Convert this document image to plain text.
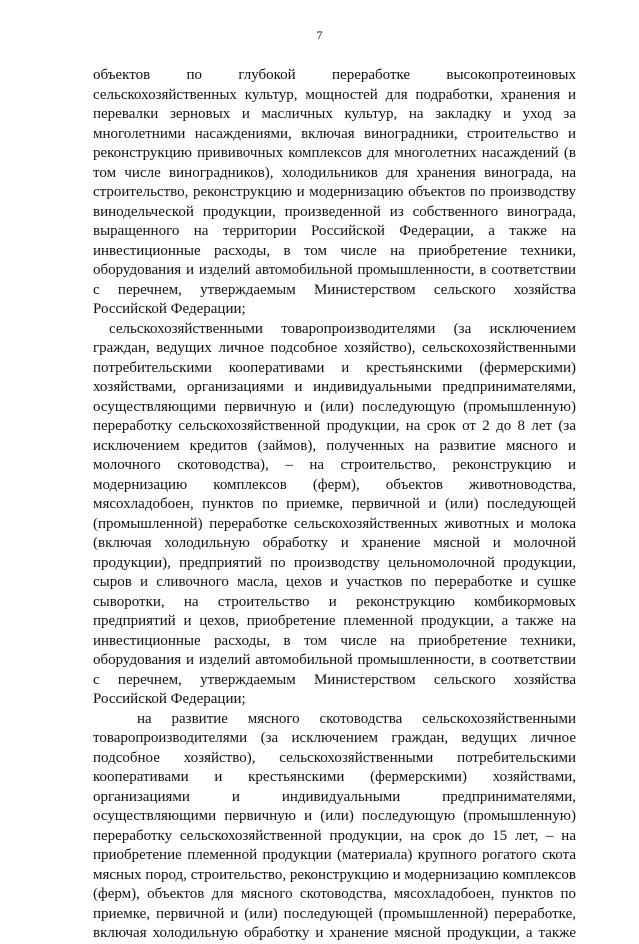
7
объектов по глубокой переработке высокопротеиновых
сельскохозяйственных культур, мощностей для подработки, хранения и
перевалки зерновых и масличных культур, на закладку и уход за
многолетними насаждениями, включая виноградники, строительство и
реконструкцию прививочных комплексов для многолетних насаждений (в
том числе виноградников), холодильников для хранения винограда, на
строительство, реконструкцию и модернизацию объектов по производству
винодельческой продукции, произведенной из собственного винограда,
выращенного на территории Российской Федерации, а также на
инвестиционные расходы, в том числе на приобретение техники,
оборудования и изделий автомобильной промышленности, в соответствии
с перечнем, утверждаемым Министерством сельского хозяйства
Российской Федерации;
сельскохозяйственными товаропроизводителями (за исключением
граждан, ведущих личное подсобное хозяйство), сельскохозяйственными
потребительскими кооперативами и крестьянскими (фермерскими)
хозяйствами, организациями и индивидуальными предпринимателями,
осуществляющими первичную и (или) последующую (промышленную)
переработку сельскохозяйственной продукции, на срок от 2 до 8 лет (за
исключением кредитов (займов), полученных на развитие мясного и
молочного скотоводства), – на строительство, реконструкцию и
модернизацию комплексов (ферм), объектов животноводства,
мясохладобоен, пунктов по приемке, первичной и (или) последующей
(промышленной) переработке сельскохозяйственных животных и молока
(включая холодильную обработку и хранение мясной и молочной
продукции), предприятий по производству цельномолочной продукции,
сыров и сливочного масла, цехов и участков по переработке и сушке
сыворотки, на строительство и реконструкцию комбикормовых
предприятий и цехов, приобретение племенной продукции, а также на
инвестиционные расходы, в том числе на приобретение техники,
оборудования и изделий автомобильной промышленности, в соответствии
с перечнем, утверждаемым Министерством сельского хозяйства
Российской Федерации;
на развитие мясного скотоводства сельскохозяйственными
товаропроизводителями (за исключением граждан, ведущих личное
подсобное хозяйство), сельскохозяйственными потребительскими
кооперативами и крестьянскими (фермерскими) хозяйствами,
организациями и индивидуальными предпринимателями,
осуществляющими первичную и (или) последующую (промышленную)
переработку сельскохозяйственной продукции, на срок до 15 лет, – на
приобретение племенной продукции (материала) крупного рогатого скота
мясных пород, строительство, реконструкцию и модернизацию комплексов
(ферм), объектов для мясного скотоводства, мясохладобоен, пунктов по
приемке, первичной и (или) последующей (промышленной) переработке,
включая холодильную обработку и хранение мясной продукции, а также
